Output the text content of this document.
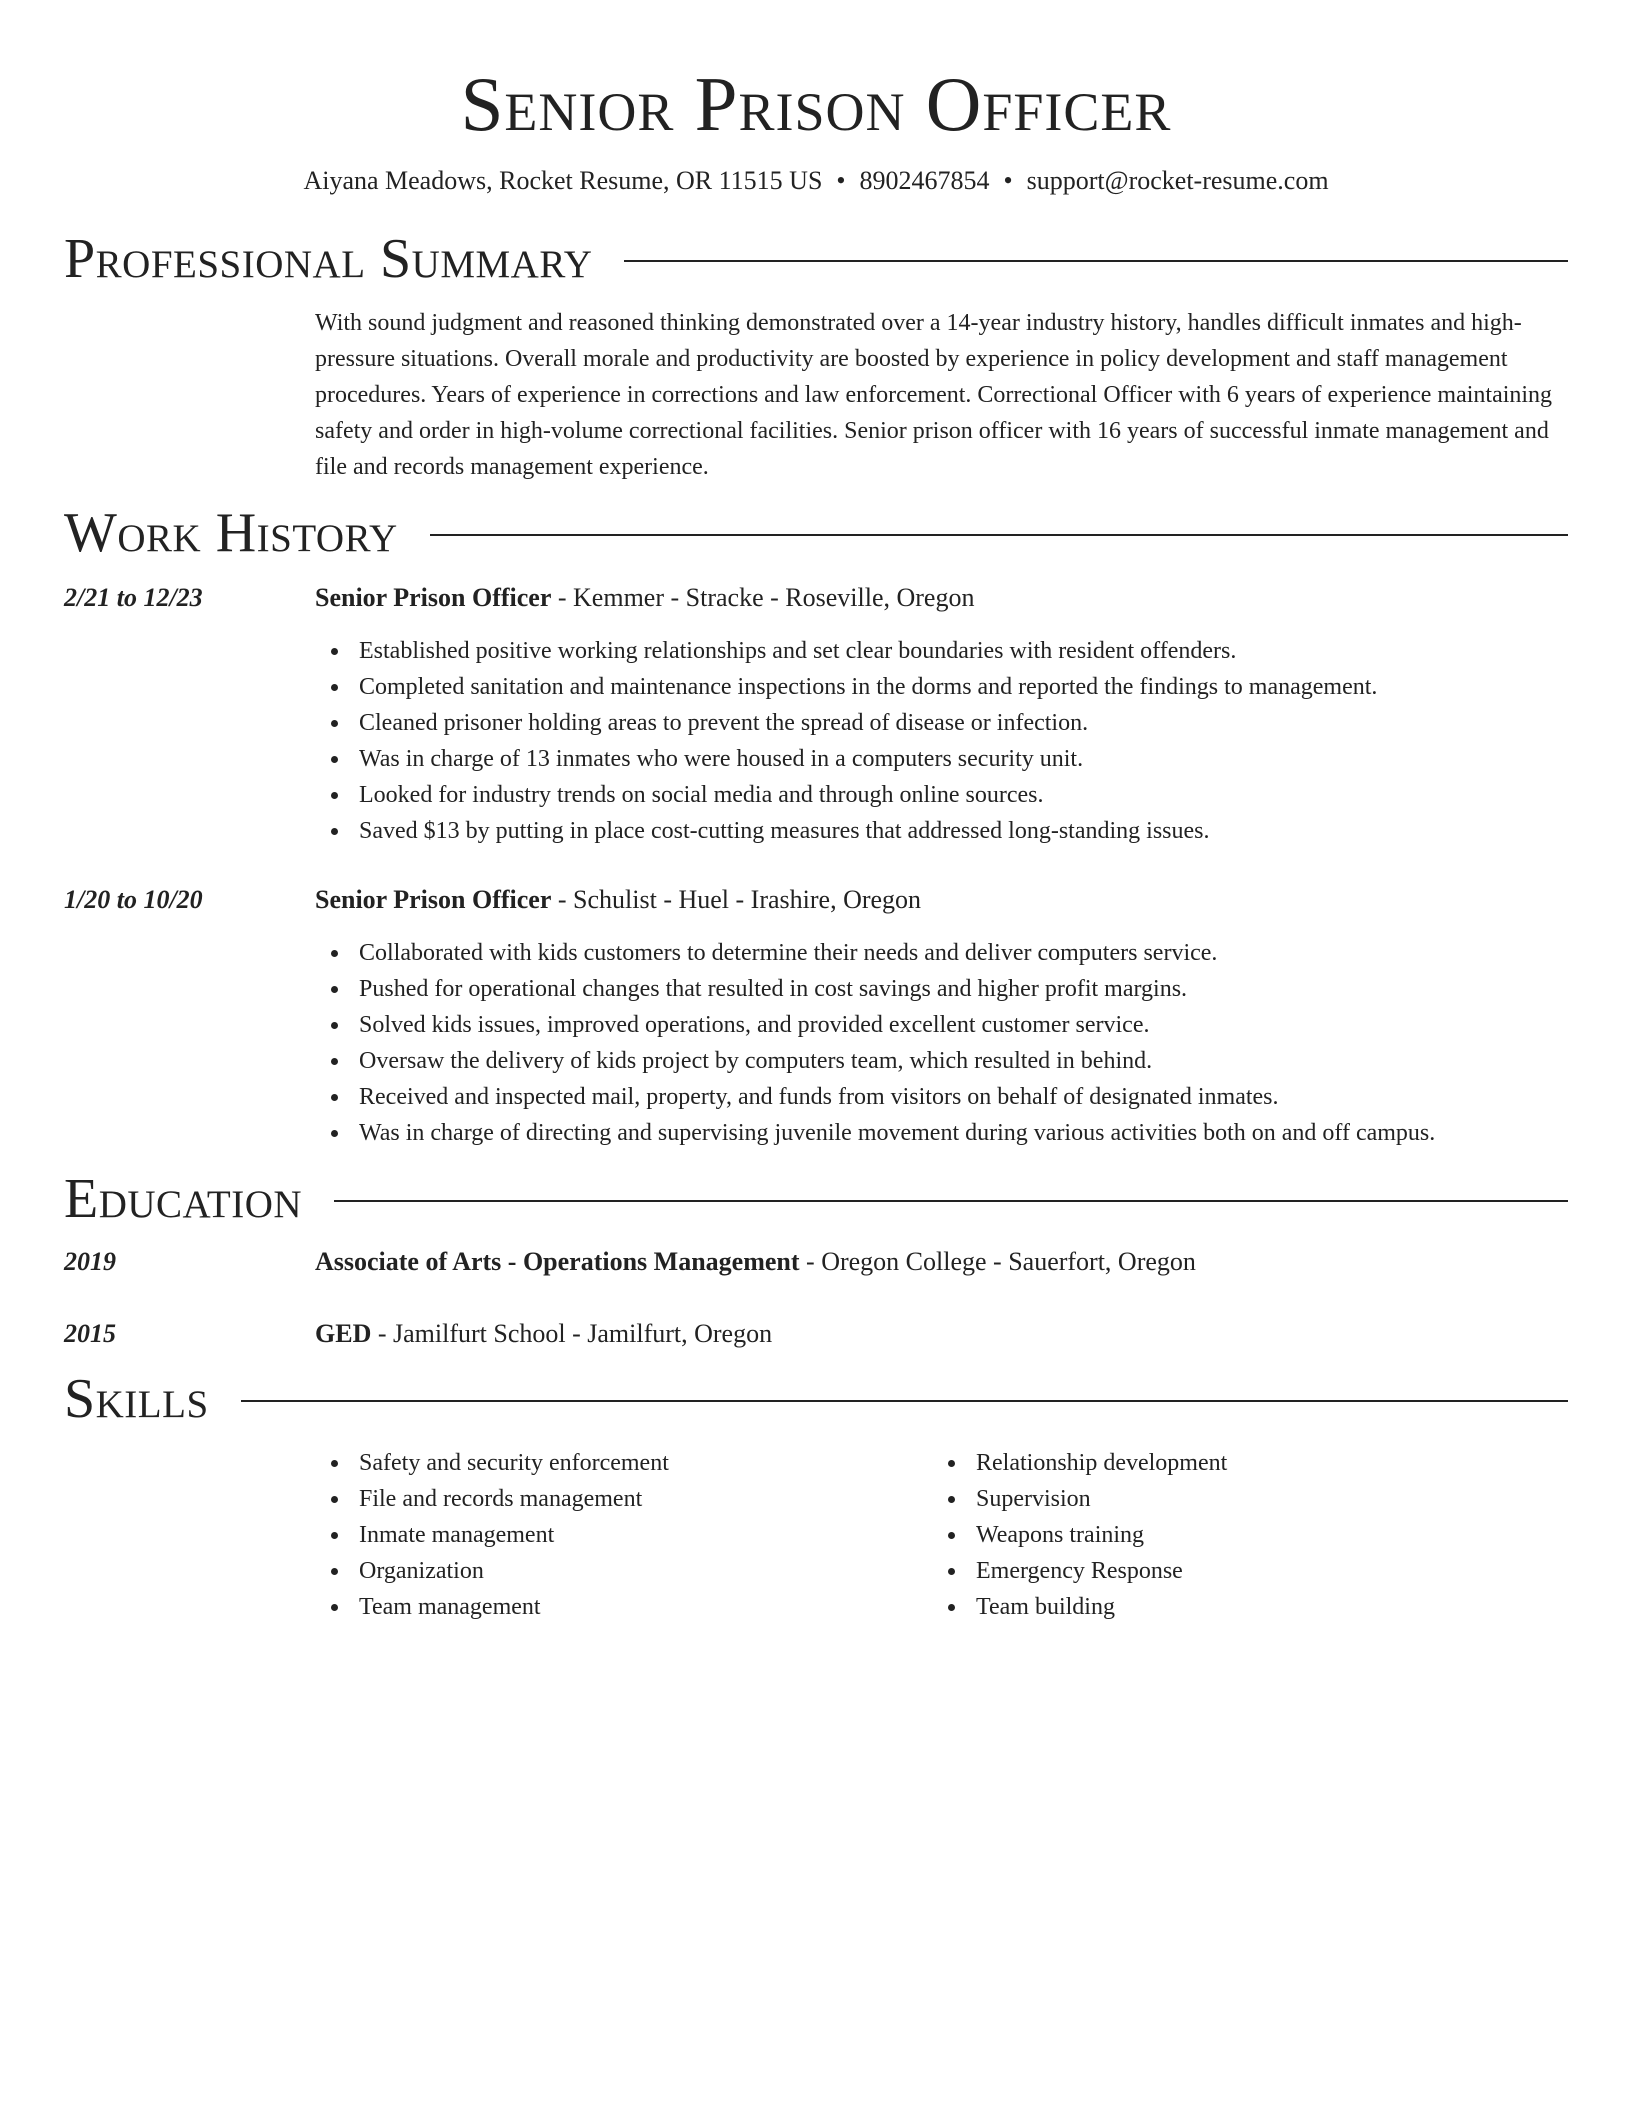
Senior Prison Officer
Aiyana Meadows, Rocket Resume, OR 11515 US • 8902467854 • support@rocket-resume.com
Professional Summary

With sound judgment and reasoned thinking demonstrated over a 14-year industry history, handles difficult inmates and high-pressure situations. Overall morale and productivity are boosted by experience in policy development and staff management procedures. Years of experience in corrections and law enforcement. Correctional Officer with 6 years of experience maintaining safety and order in high-volume correctional facilities. Senior prison officer with 16 years of successful inmate management and file and records management experience.

Work History
2/21 to 12/23	Senior Prison Officer - Kemmer - Stracke - Roseville, Oregon
Established positive working relationships and set clear boundaries with resident offenders.
Completed sanitation and maintenance inspections in the dorms and reported the findings to management.
Cleaned prisoner holding areas to prevent the spread of disease or infection.
Was in charge of 13 inmates who were housed in a computers security unit.
Looked for industry trends on social media and through online sources.
Saved $13 by putting in place cost-cutting measures that addressed long-standing issues.
1/20 to 10/20	Senior Prison Officer - Schulist - Huel - Irashire, Oregon
Collaborated with kids customers to determine their needs and deliver computers service.
Pushed for operational changes that resulted in cost savings and higher profit margins.
Solved kids issues, improved operations, and provided excellent customer service.
Oversaw the delivery of kids project by computers team, which resulted in behind.
Received and inspected mail, property, and funds from visitors on behalf of designated inmates.
Was in charge of directing and supervising juvenile movement during various activities both on and off campus.
Education
2019	Associate of Arts - Operations Management - Oregon College - Sauerfort, Oregon
2015	GED - Jamilfurt School - Jamilfurt, Oregon
Skills
Safety and security enforcement
File and records management
Inmate management
Organization
Team management
Relationship development
Supervision
Weapons training
Emergency Response
Team building
